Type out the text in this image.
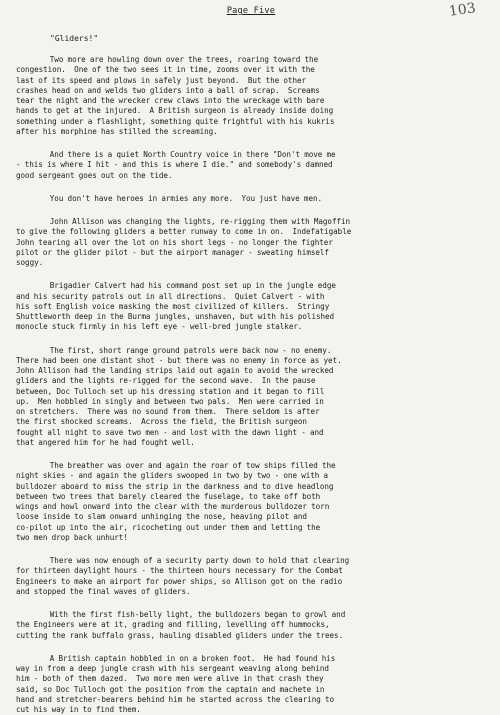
103
Page Five
"Gliders!"

Two more are howling down over the trees, roaring toward the
congestion.  One of the two sees it in time, zooms over it with the
last of its speed and plows in safely just beyond.  But the other
crashes head on and welds two gliders into a ball of scrap.  Screams
tear the night and the wrecker crew claws into the wreckage with bare
hands to get at the injured.  A British surgeon is already inside doing
something under a flashlight, something quite frightful with his kukris
after his morphine has stilled the screaming.

And there is a quiet North Country voice in there "Don't move me
- this is where I hit - and this is where I die." and somebody's damned
good sergeant goes out on the tide.

You don't have heroes in armies any more.  You just have men.

John Allison was changing the lights, re-rigging them with Magoffin
to give the following gliders a better runway to come in on.  Indefatigable
John tearing all over the lot on his short legs - no longer the fighter
pilot or the glider pilot - but the airport manager - sweating himself
soggy.

Brigadier Calvert had his command post set up in the jungle edge
and his security patrols out in all directions.  Quiet Calvert - with
his soft English voice masking the most civilized of killers.  Stringy
Shuttleworth deep in the Burma jungles, unshaven, but with his polished
monocle stuck firmly in his left eye - well-bred jungle stalker.

The first, short range ground patrols were back now - no enemy.
There had been one distant shot - but there was no enemy in force as yet.
John Allison had the landing strips laid out again to avoid the wrecked
gliders and the lights re-rigged for the second wave.  In the pause
between, Doc Tulloch set up his dressing station and it began to fill
up.  Men hobbled in singly and between two pals.  Men were carried in
on stretchers.  There was no sound from them.  There seldom is after
the first shocked screams.  Across the field, the British surgeon
fought all night to save two men - and lost with the dawn light - and
that angered him for he had fought well.

The breather was over and again the roar of tow ships filled the
night skies - and again the gliders swooped in two by two - one with a
bulldozer aboard to miss the strip in the darkness and to dive headlong
between two trees that barely cleared the fuselage, to take off both
wings and howl onward into the clear with the murderous bulldozer torn
loose inside to slam onward unhinging the nose, heaving pilot and
co-pilot up into the air, ricocheting out under them and letting the
two men drop back unhurt!

There was now enough of a security party down to hold that clearing
for thirteen daylight hours - the thirteen hours necessary for the Combat
Engineers to make an airport for power ships, so Allison got on the radio
and stopped the final waves of gliders.

With the first fish-belly light, the bulldozers began to growl and
the Engineers were at it, grading and filling, levelling off hummocks,
cutting the rank buffalo grass, hauling disabled gliders under the trees.

A British captain hobbled in on a broken foot.  He had found his
way in from a deep jungle crash with his sergeant weaving along behind
him - both of them dazed.  Two more men were alive in that crash they
said, so Doc Tulloch got the position from the captain and machete in
hand and stretcher-bearers behind him he started across the clearing to
cut his way in to find them.
